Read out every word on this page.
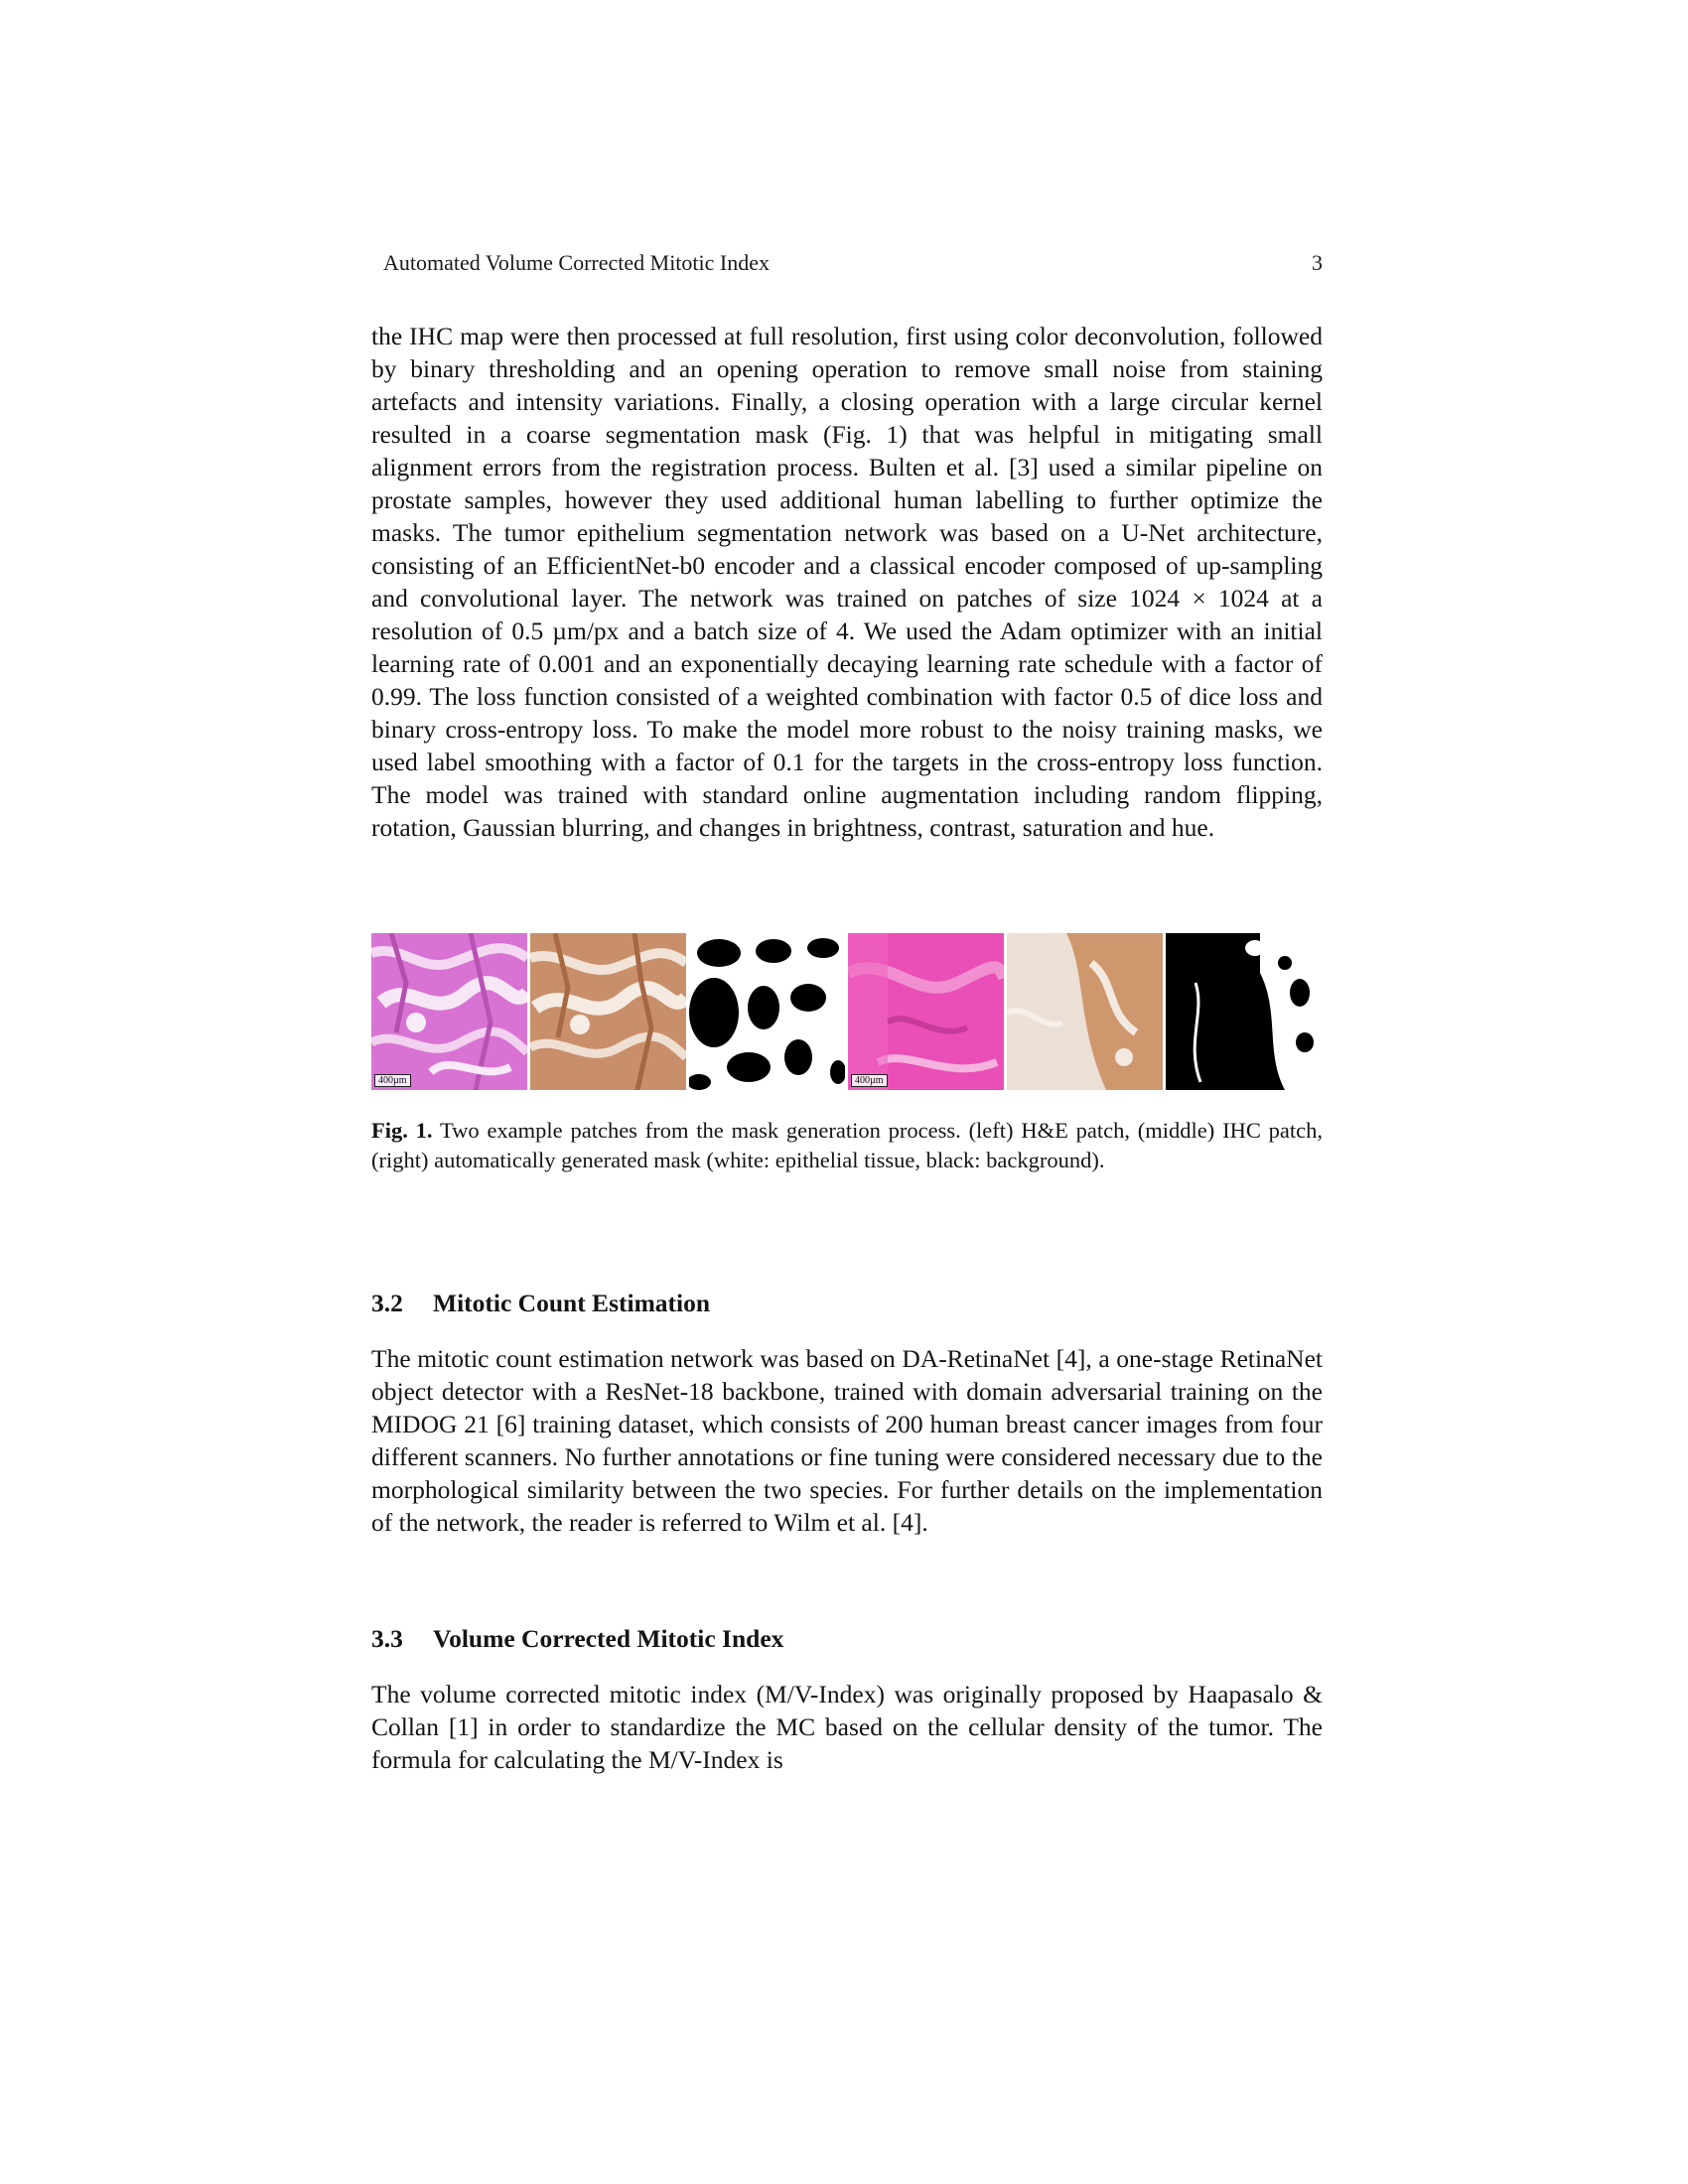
Automated Volume Corrected Mitotic Index	3

the IHC map were then processed at full resolution, first using color deconvolution, followed by binary thresholding and an opening operation to remove small noise from staining artefacts and intensity variations. Finally, a closing operation with a large circular kernel resulted in a coarse segmentation mask (Fig. 1) that was helpful in mitigating small alignment errors from the registration process. Bulten et al. [3] used a similar pipeline on prostate samples, however they used additional human labelling to further optimize the masks. The tumor epithelium segmentation network was based on a U-Net architecture, consisting of an EfficientNet-b0 encoder and a classical encoder composed of up-sampling and convolutional layer. The network was trained on patches of size 1024 × 1024 at a resolution of 0.5 µm/px and a batch size of 4. We used the Adam optimizer with an initial learning rate of 0.001 and an exponentially decaying learning rate schedule with a factor of 0.99. The loss function consisted of a weighted combination with factor 0.5 of dice loss and binary cross-entropy loss. To make the model more robust to the noisy training masks, we used label smoothing with a factor of 0.1 for the targets in the cross-entropy loss function. The model was trained with standard online augmentation including random flipping, rotation, Gaussian blurring, and changes in brightness, contrast, saturation and hue.

400µm	400µm
Fig. 1. Two example patches from the mask generation process. (left) H&E patch, (middle) IHC patch, (right) automatically generated mask (white: epithelial tissue, black: background).
3.2 Mitotic Count Estimation

The mitotic count estimation network was based on DA-RetinaNet [4], a one-stage RetinaNet object detector with a ResNet-18 backbone, trained with domain adversarial training on the MIDOG 21 [6] training dataset, which consists of 200 human breast cancer images from four different scanners. No further annotations or fine tuning were considered necessary due to the morphological similarity between the two species. For further details on the implementation of the network, the reader is referred to Wilm et al. [4].

3.3 Volume Corrected Mitotic Index

The volume corrected mitotic index (M/V-Index) was originally proposed by Haapasalo & Collan [1] in order to standardize the MC based on the cellular density of the tumor. The formula for calculating the M/V-Index is
